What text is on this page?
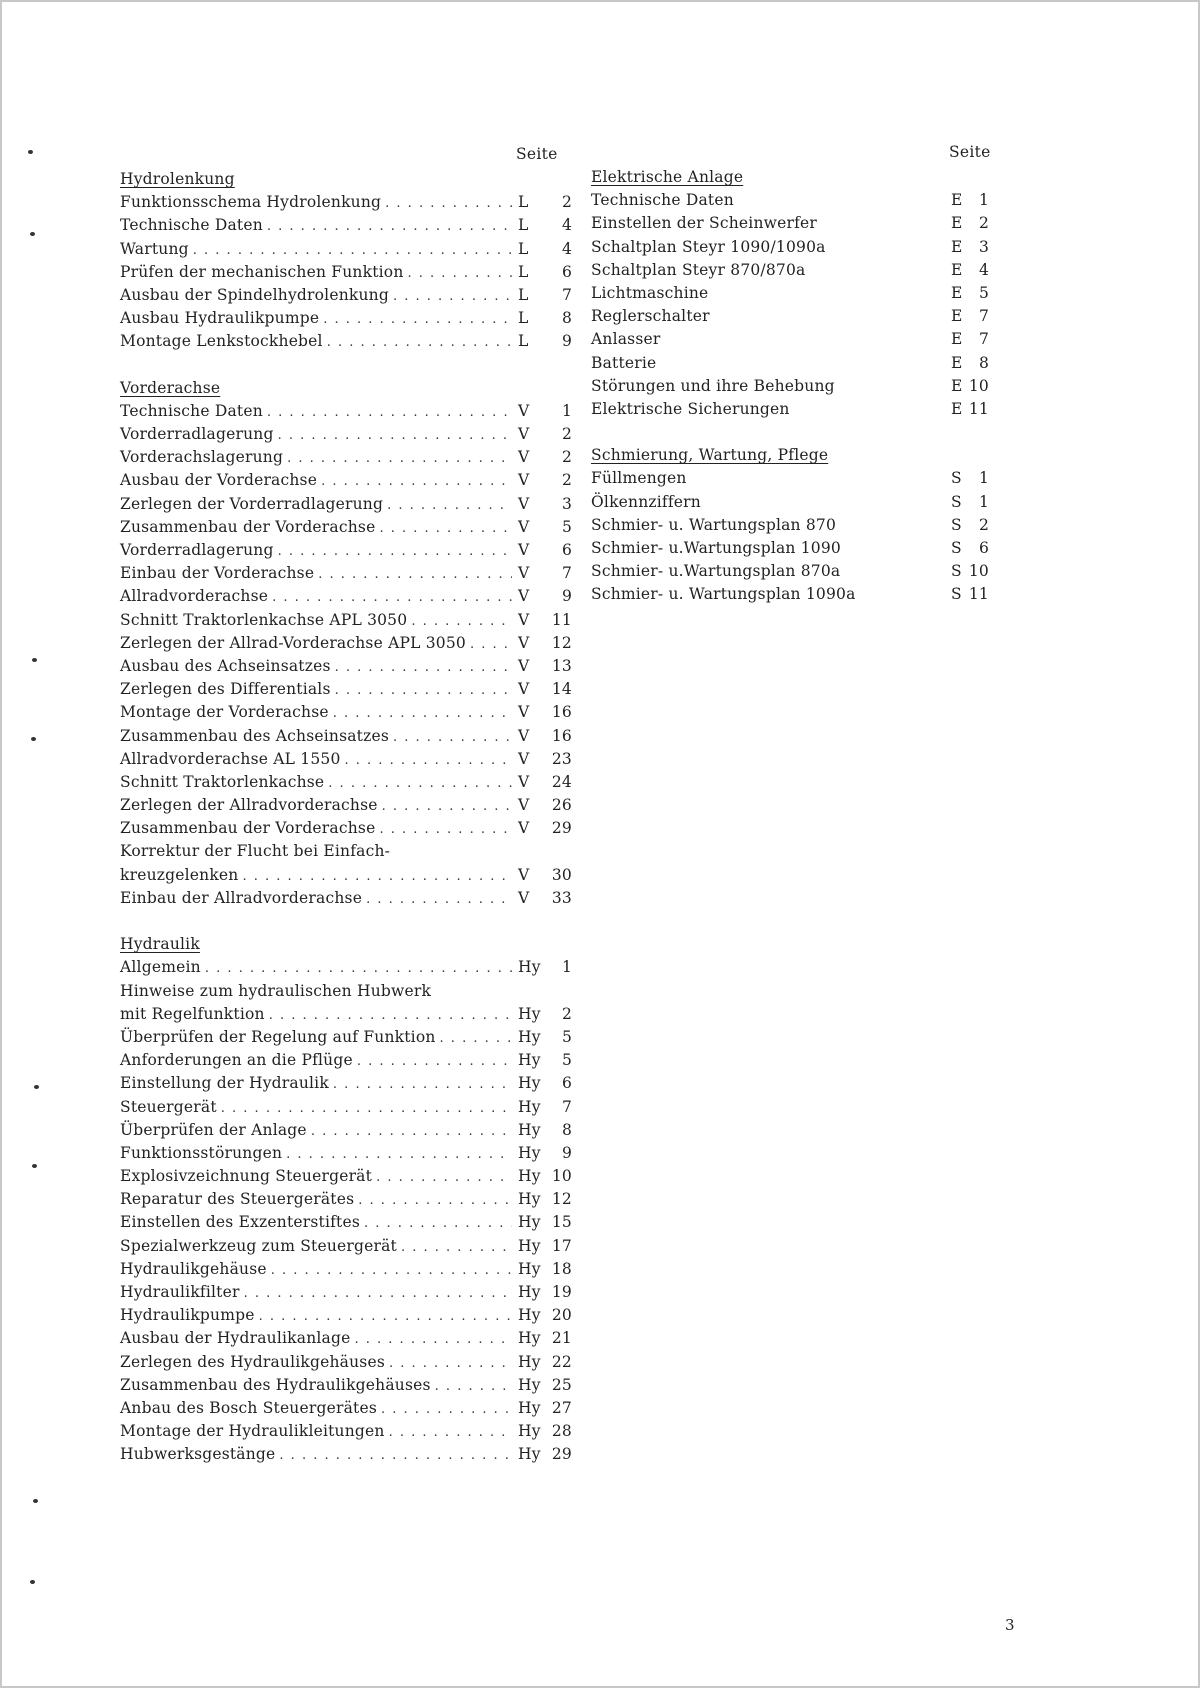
Seite	Seite
Hydrolenkung
Funktionsschema Hydrolenkung . . .	L 2
Technische Daten . . .	L 4
Wartung . . .	L 4
Prüfen der mechanischen Funktion . . .	L 6
Ausbau der Spindelhydrolenkung . . .	L 7
Ausbau Hydraulikpumpe . . .	L 8
Montage Lenkstockhebel . . .	L 9
Vorderachse
Technische Daten . . .	V 1
Vorderradlagerung . . .	V 2
Vorderachslagerung . . .	V 2
Ausbau der Vorderachse . . .	V 2
Zerlegen der Vorderradlagerung . . .	V 3
Zusammenbau der Vorderachse . . .	V 5
Vorderradlagerung . . .	V 6
Einbau der Vorderachse . . .	V 7
Allradvorderachse . . .	V 9
Schnitt Traktorlenkachse APL 3050 . . .	V 11
Zerlegen der Allrad-Vorderachse APL 3050 . . .	V 12
Ausbau des Achseinsatzes . . .	V 13
Zerlegen des Differentials . . .	V 14
Montage der Vorderachse . . .	V 16
Zusammenbau des Achseinsatzes . . .	V 16
Allradvorderachse AL 1550 . . .	V 23
Schnitt Traktorlenkachse . . .	V 24
Zerlegen der Allradvorderachse . . .	V 26
Zusammenbau der Vorderachse . . .	V 29
Korrektur der Flucht bei Einfach-
kreuzgelenken . . .	V 30
Einbau der Allradvorderachse . . .	V 33
Hydraulik
Allgemein . . .	Hy 1
Hinweise zum hydraulischen Hubwerk
mit Regelfunktion . . .	Hy 2
Überprüfen der Regelung auf Funktion . . .	Hy 5
Anforderungen an die Pflüge . . .	Hy 5
Einstellung der Hydraulik . . .	Hy 6
Steuergerät . . .	Hy 7
Überprüfen der Anlage . . .	Hy 8
Funktionsstörungen . . .	Hy 9
Explosivzeichnung Steuergerät . . .	Hy 10
Reparatur des Steuergerätes . . .	Hy 12
Einstellen des Exzenterstiftes . . .	Hy 15
Spezialwerkzeug zum Steuergerät . . .	Hy 17
Hydraulikgehäuse . . .	Hy 18
Hydraulikfilter . . .	Hy 19
Hydraulikpumpe . . .	Hy 20
Ausbau der Hydraulikanlage . . .	Hy 21
Zerlegen des Hydraulikgehäuses . . .	Hy 22
Zusammenbau des Hydraulikgehäuses . . .	Hy 25
Anbau des Bosch Steuergerätes . . .	Hy 27
Montage der Hydraulikleitungen . . .	Hy 28
Hubwerksgestänge . . .	Hy 29
Elektrische Anlage
Technische Daten	E 1
Einstellen der Scheinwerfer	E 2
Schaltplan Steyr 1090/1090a	E 3
Schaltplan Steyr 870/870a	E 4
Lichtmaschine	E 5
Reglerschalter	E 7
Anlasser	E 7
Batterie	E 8
Störungen und ihre Behebung	E 10
Elektrische Sicherungen	E 11
Schmierung, Wartung, Pflege
Füllmengen	S 1
Ölkennziffern	S 1
Schmier- u. Wartungsplan 870	S 2
Schmier- u.Wartungsplan 1090	S 6
Schmier- u.Wartungsplan 870a	S 10
Schmier- u. Wartungsplan 1090a	S 11
3
